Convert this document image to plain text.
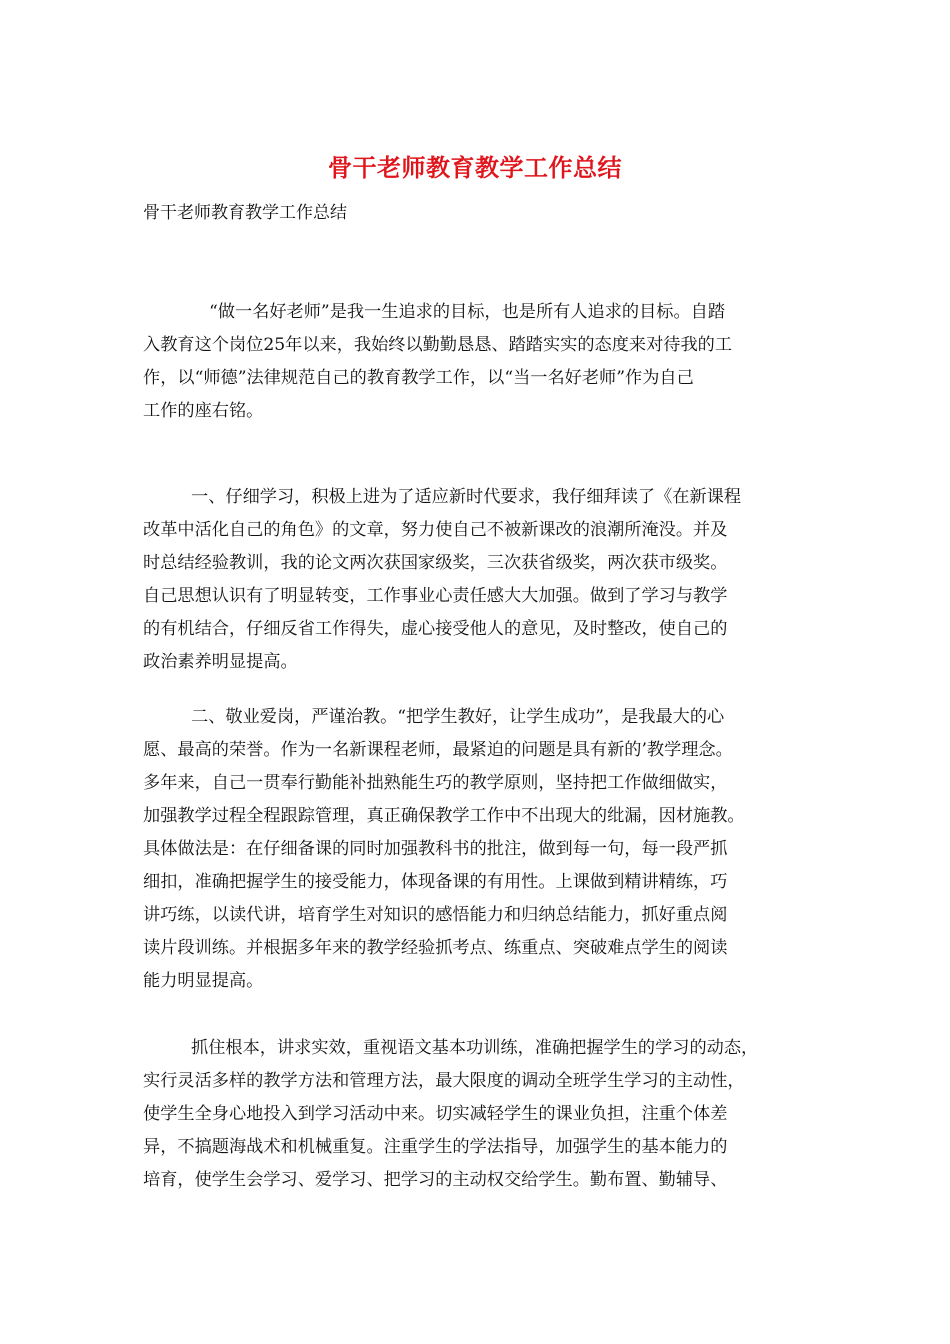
骨干老师教育教学工作总结
骨干老师教育教学工作总结
“做一名好老师”是我一生追求的目标，也是所有人追求的目标。自踏
入教育这个岗位25年以来，我始终以勤勤恳恳、踏踏实实的态度来对待我的工
作，以“师德”法律规范自己的教育教学工作，以“当一名好老师”作为自己
工作的座右铭。
一、仔细学习，积极上进为了适应新时代要求，我仔细拜读了《在新课程
改革中活化自己的角色》的文章，努力使自己不被新课改的浪潮所淹没。并及
时总结经验教训，我的论文两次获国家级奖，三次获省级奖，两次获市级奖。
自己思想认识有了明显转变，工作事业心责任感大大加强。做到了学习与教学
的有机结合，仔细反省工作得失，虚心接受他人的意见，及时整改，使自己的
政治素养明显提高。
二、敬业爱岗，严谨治教。“把学生教好，让学生成功”，是我最大的心
愿、最高的荣誉。作为一名新课程老师，最紧迫的问题是具有新的’教学理念。
多年来，自己一贯奉行勤能补拙熟能生巧的教学原则，坚持把工作做细做实，
加强教学过程全程跟踪管理，真正确保教学工作中不出现大的纰漏，因材施教。
具体做法是：在仔细备课的同时加强教科书的批注，做到每一句，每一段严抓
细扣，准确把握学生的接受能力，体现备课的有用性。上课做到精讲精练，巧
讲巧练，以读代讲，培育学生对知识的感悟能力和归纳总结能力，抓好重点阅
读片段训练。并根据多年来的教学经验抓考点、练重点、突破难点学生的阅读
能力明显提高。
抓住根本，讲求实效，重视语文基本功训练，准确把握学生的学习的动态，
实行灵活多样的教学方法和管理方法，最大限度的调动全班学生学习的主动性，
使学生全身心地投入到学习活动中来。切实减轻学生的课业负担，注重个体差
异，不搞题海战术和机械重复。注重学生的学法指导，加强学生的基本能力的
培育，使学生会学习、爱学习、把学习的主动权交给学生。勤布置、勤辅导、
